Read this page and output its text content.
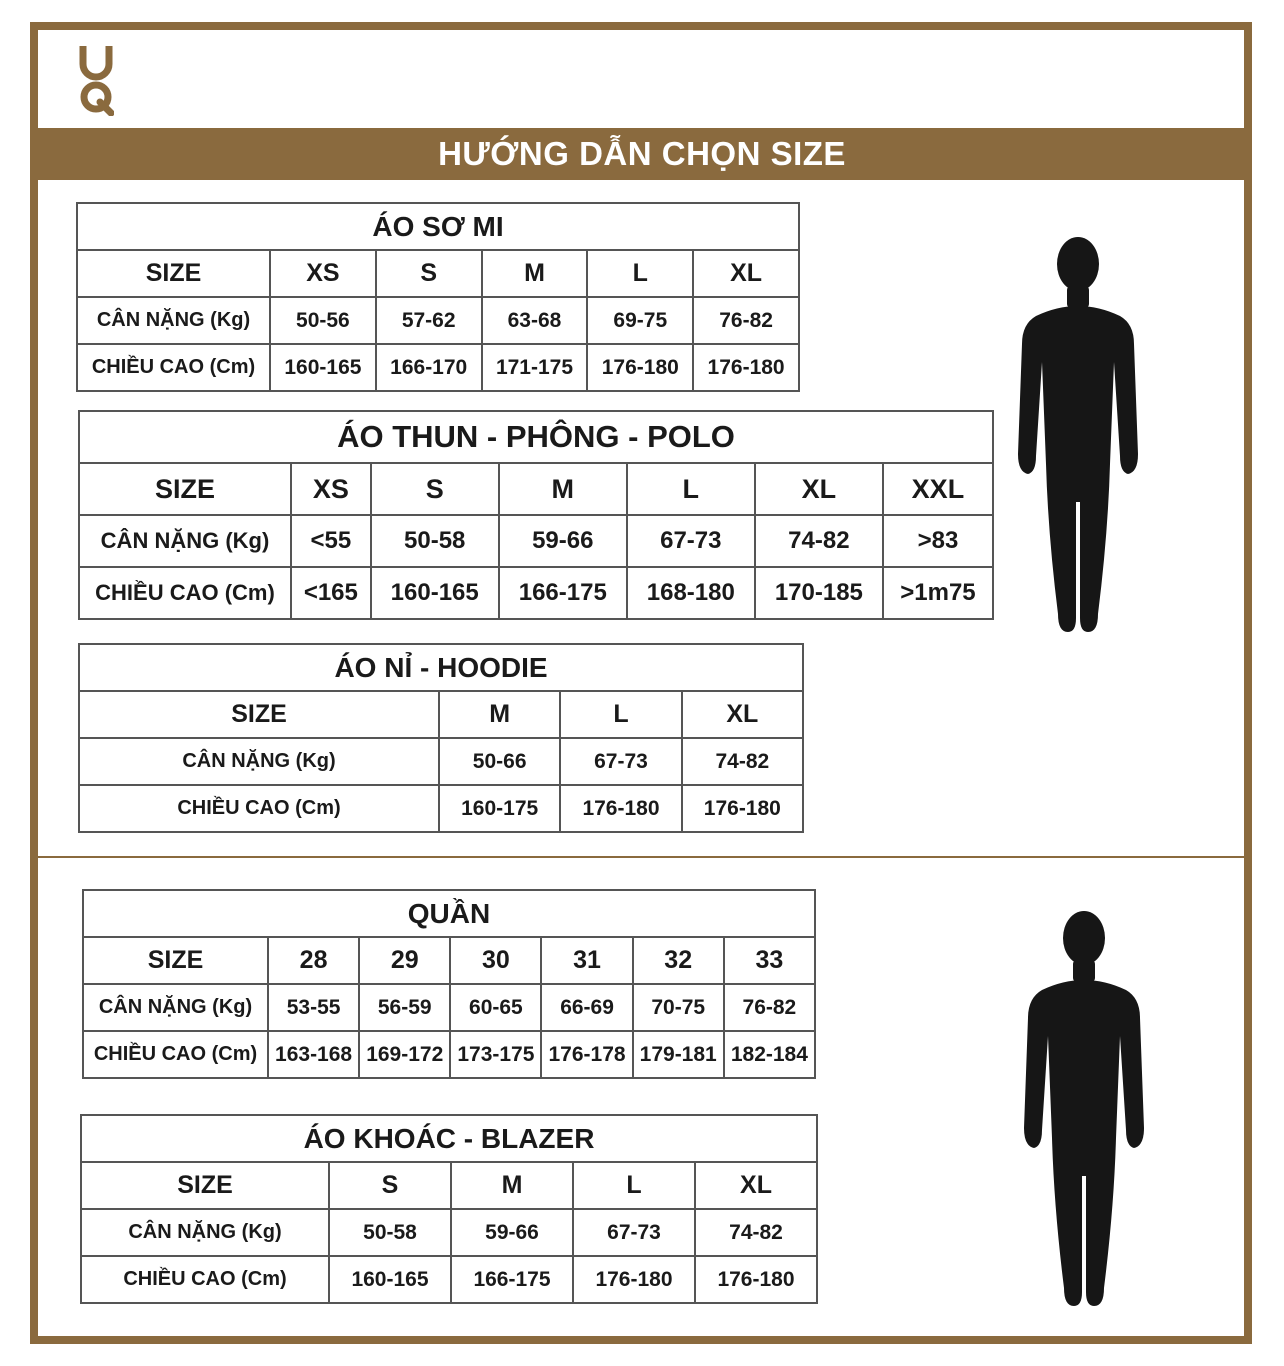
HƯỚNG DẪN CHỌN SIZE
ÁO SƠ MI					
SIZE	XS	S	M	L	XL
CÂN NẶNG (Kg)	50-56	57-62	63-68	69-75	76-82
CHIỀU CAO (Cm)	160-165	166-170	171-175	176-180	176-180
ÁO THUN - PHÔNG - POLO						
SIZE	XS	S	M	L	XL	XXL
CÂN NẶNG (Kg)	<55	50-58	59-66	67-73	74-82	>83
CHIỀU CAO (Cm)	<165	160-165	166-175	168-180	170-185	>1m75
ÁO NỈ - HOODIE			
SIZE	M	L	XL
CÂN NẶNG (Kg)	50-66	67-73	74-82
CHIỀU CAO (Cm)	160-175	176-180	176-180
QUẦN						
SIZE	28	29	30	31	32	33
CÂN NẶNG (Kg)	53-55	56-59	60-65	66-69	70-75	76-82
CHIỀU CAO (Cm)	163-168	169-172	173-175	176-178	179-181	182-184
ÁO KHOÁC - BLAZER				
SIZE	S	M	L	XL
CÂN NẶNG (Kg)	50-58	59-66	67-73	74-82
CHIỀU CAO (Cm)	160-165	166-175	176-180	176-180
